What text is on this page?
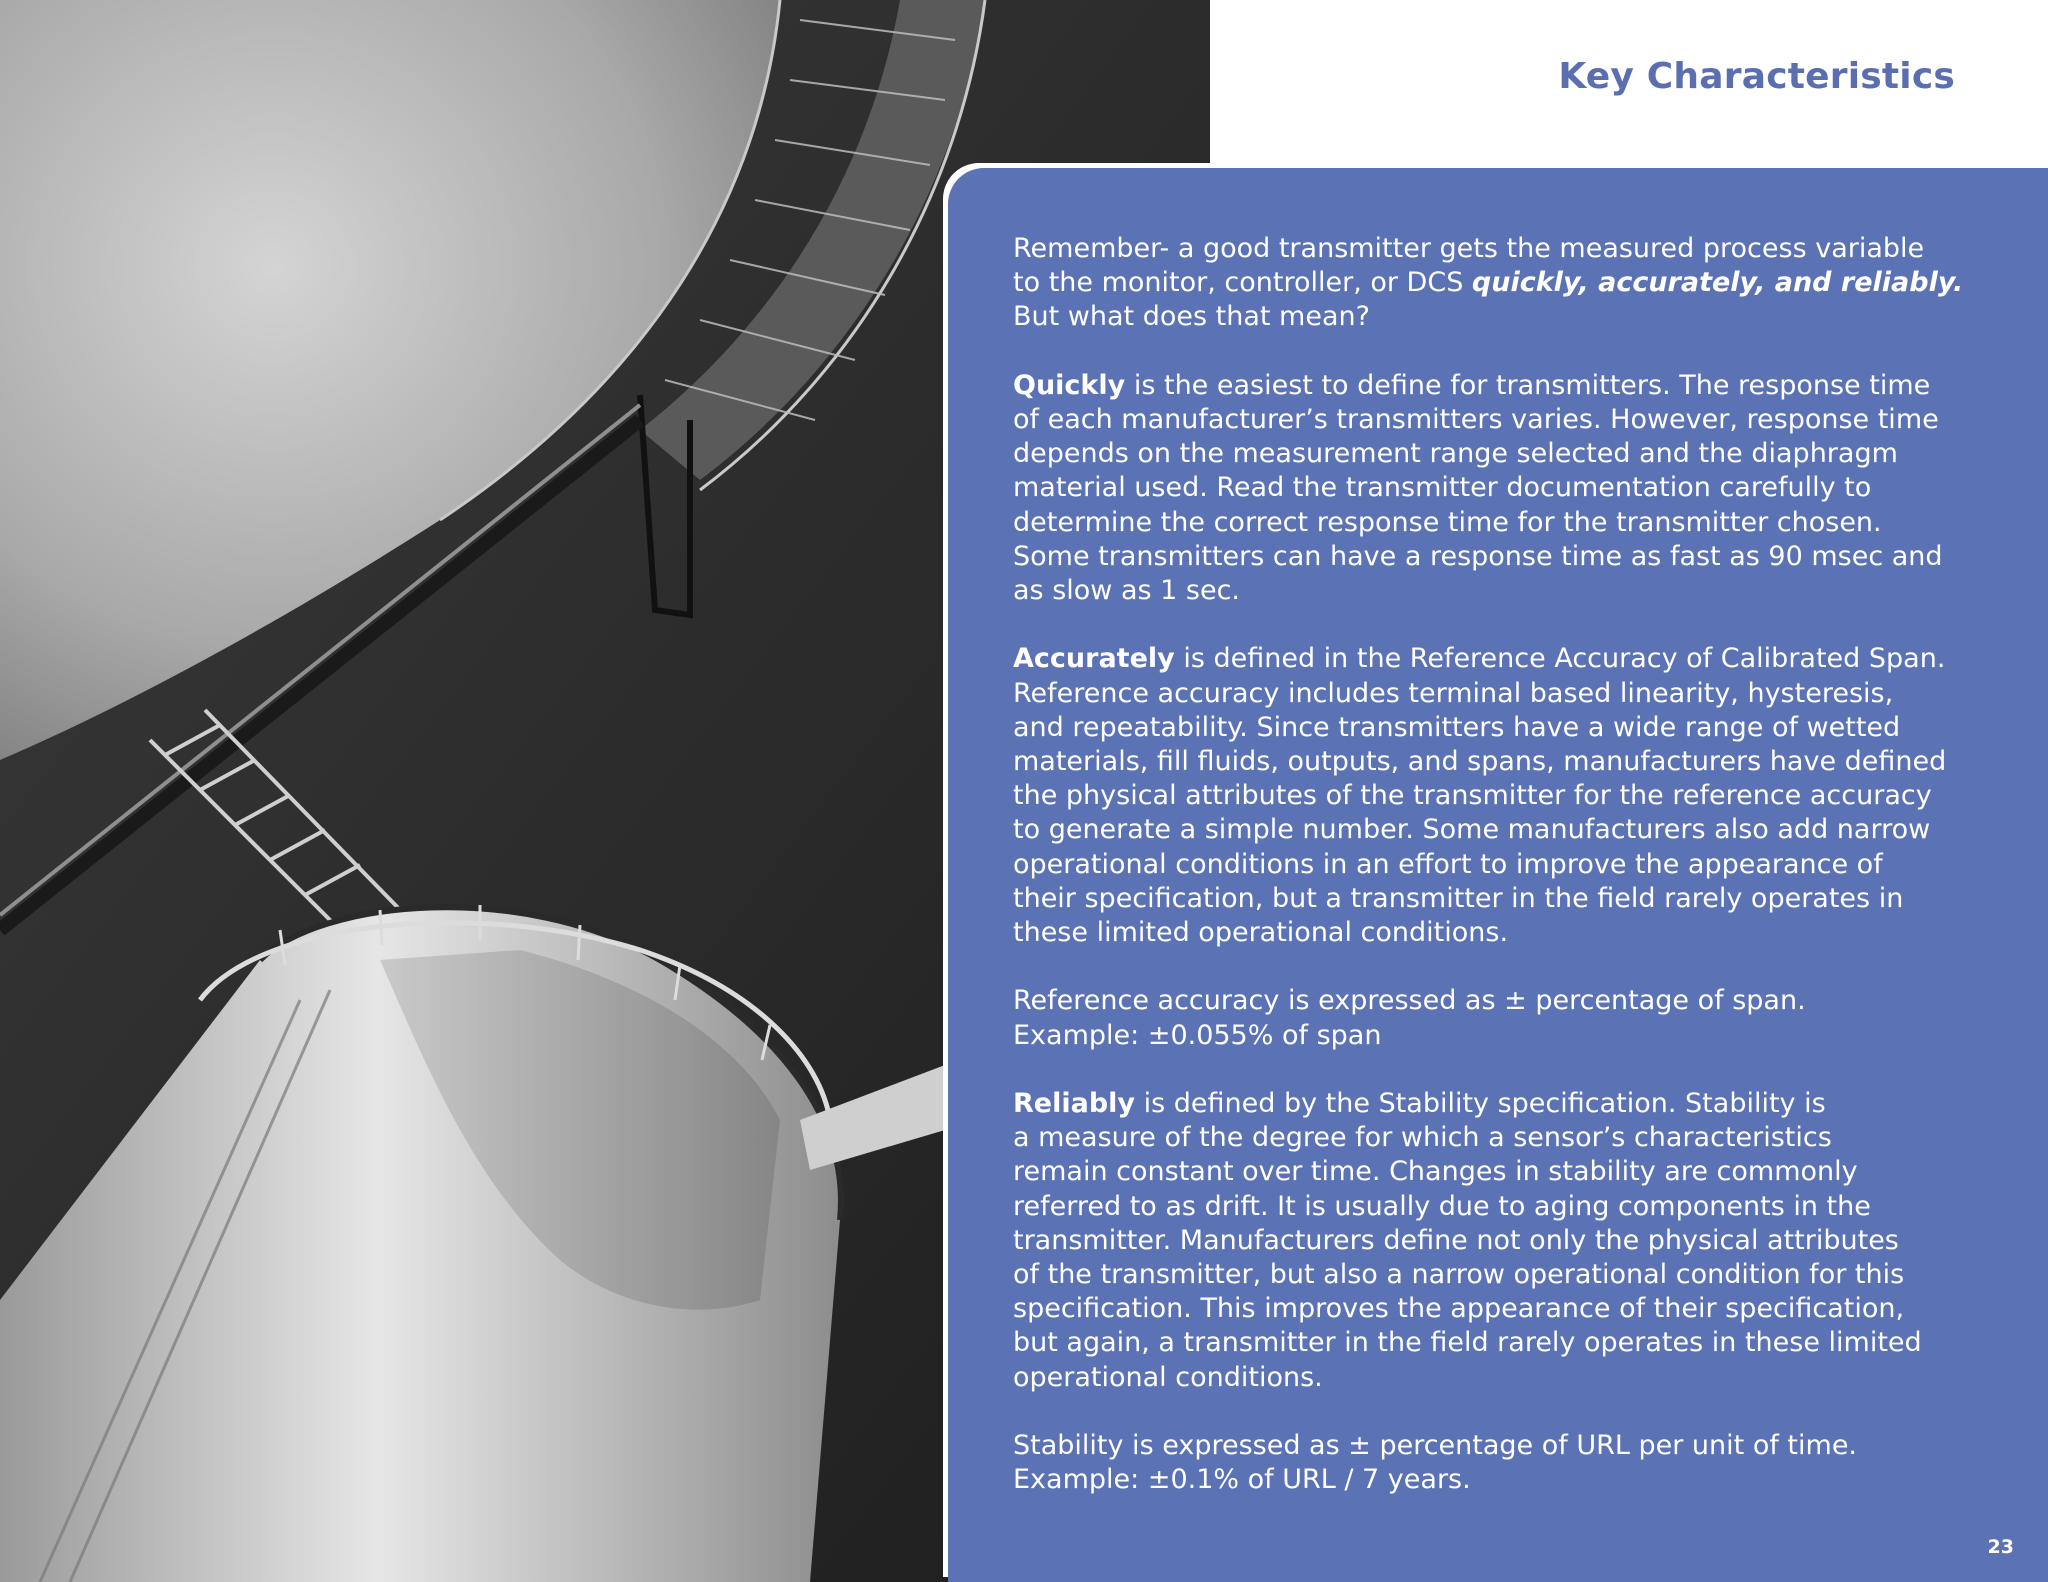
Key Characteristics

Remember- a good transmitter gets the measured process variable
to the monitor, controller, or DCS quickly, accurately, and reliably.
But what does that mean?

Quickly is the easiest to define for transmitters. The response time
of each manufacturer’s transmitters varies. However, response time
depends on the measurement range selected and the diaphragm
material used. Read the transmitter documentation carefully to
determine the correct response time for the transmitter chosen.
Some transmitters can have a response time as fast as 90 msec and
as slow as 1 sec.

Accurately is defined in the Reference Accuracy of Calibrated Span.
Reference accuracy includes terminal based linearity, hysteresis,
and repeatability. Since transmitters have a wide range of wetted
materials, fill fluids, outputs, and spans, manufacturers have defined
the physical attributes of the transmitter for the reference accuracy
to generate a simple number. Some manufacturers also add narrow
operational conditions in an effort to improve the appearance of
their specification, but a transmitter in the field rarely operates in
these limited operational conditions.

Reference accuracy is expressed as ± percentage of span.
Example: ±0.055% of span

Reliably is defined by the Stability specification. Stability is
a measure of the degree for which a sensor’s characteristics
remain constant over time. Changes in stability are commonly
referred to as drift. It is usually due to aging components in the
transmitter. Manufacturers define not only the physical attributes
of the transmitter, but also a narrow operational condition for this
specification. This improves the appearance of their specification,
but again, a transmitter in the field rarely operates in these limited
operational conditions.

Stability is expressed as ± percentage of URL per unit of time.
Example: ±0.1% of URL / 7 years.

23
